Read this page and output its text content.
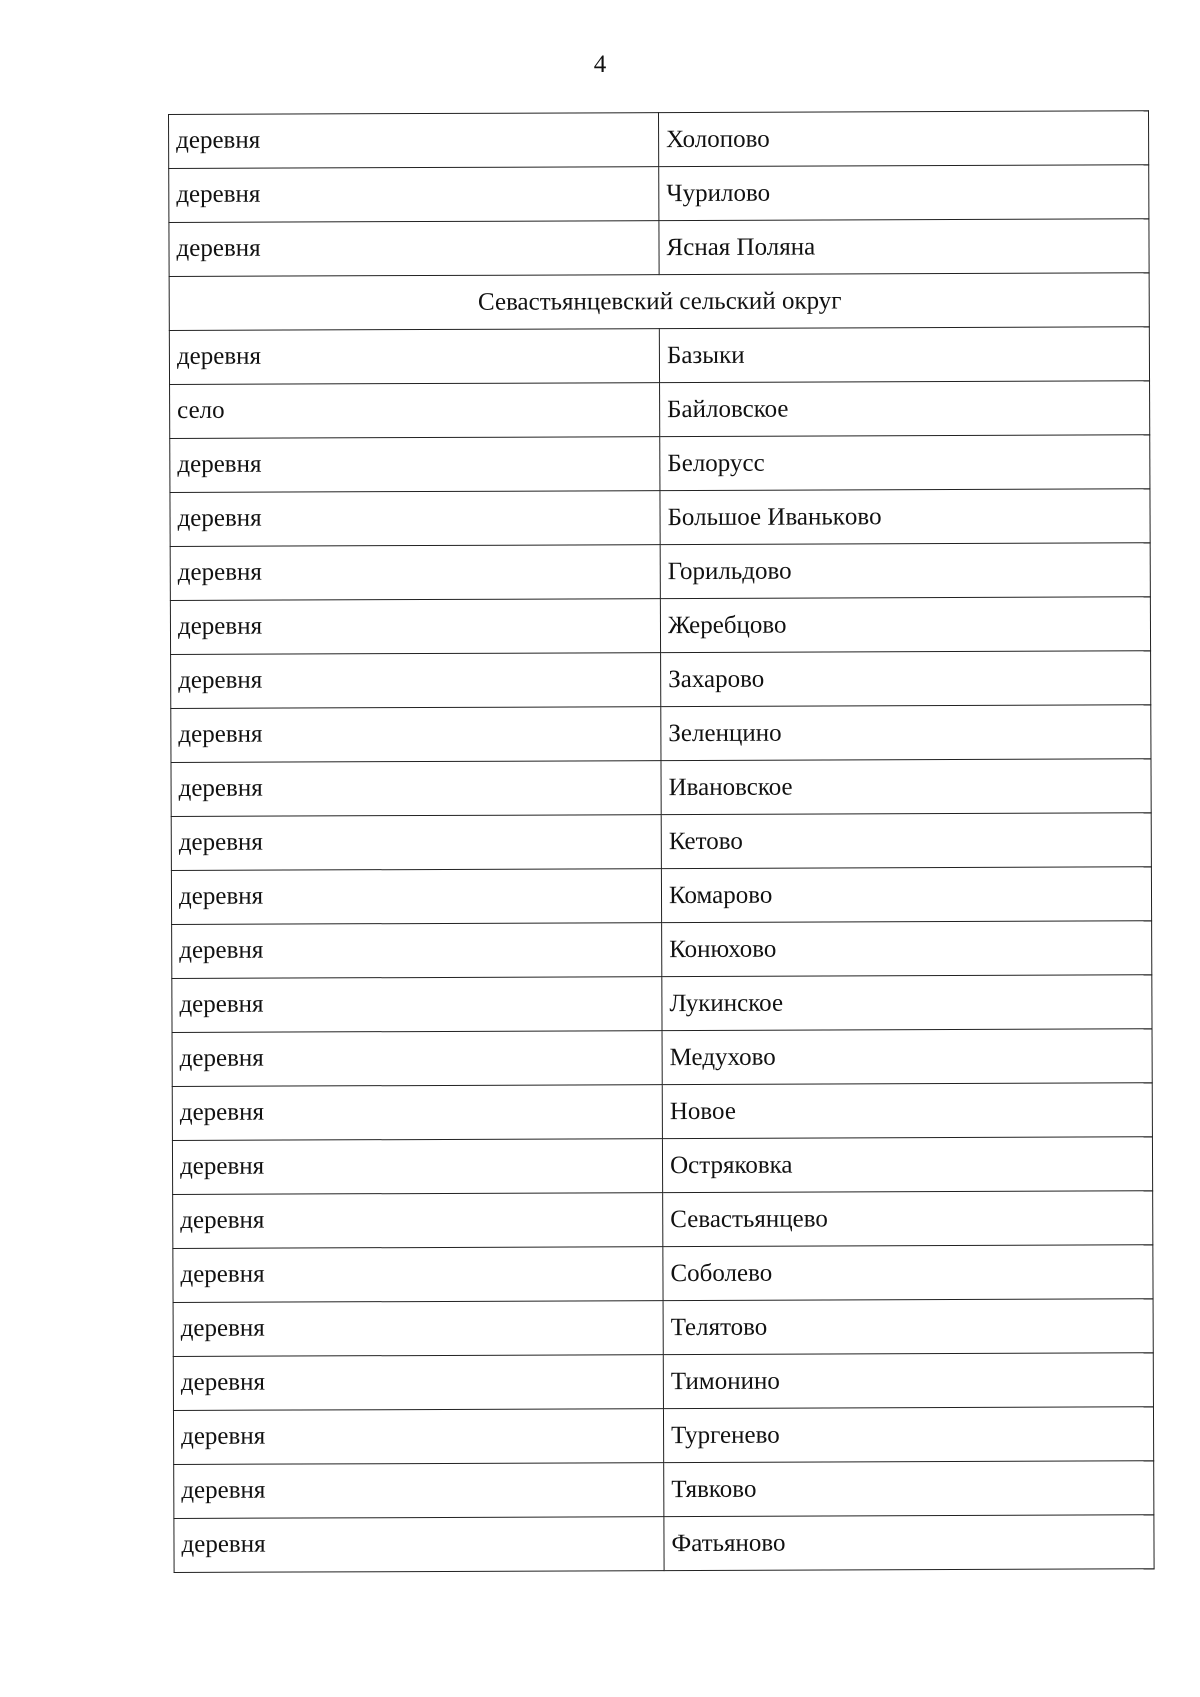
4
деревня	Холопово
деревня	Чурилово
деревня	Ясная Поляна
Севастьянцевский сельский округ	
деревня	Базыки
село	Байловское
деревня	Белорусс
деревня	Большое Иванькoво
деревня	Горильдово
деревня	Жеребцово
деревня	Захарово
деревня	Зеленцино
деревня	Ивановское
деревня	Кетово
деревня	Комарово
деревня	Конюхово
деревня	Лукинское
деревня	Медухово
деревня	Новое
деревня	Остряковка
деревня	Севастьянцево
деревня	Соболево
деревня	Телятово
деревня	Тимонино
деревня	Тургенево
деревня	Тявково
деревня	Фатьяново
